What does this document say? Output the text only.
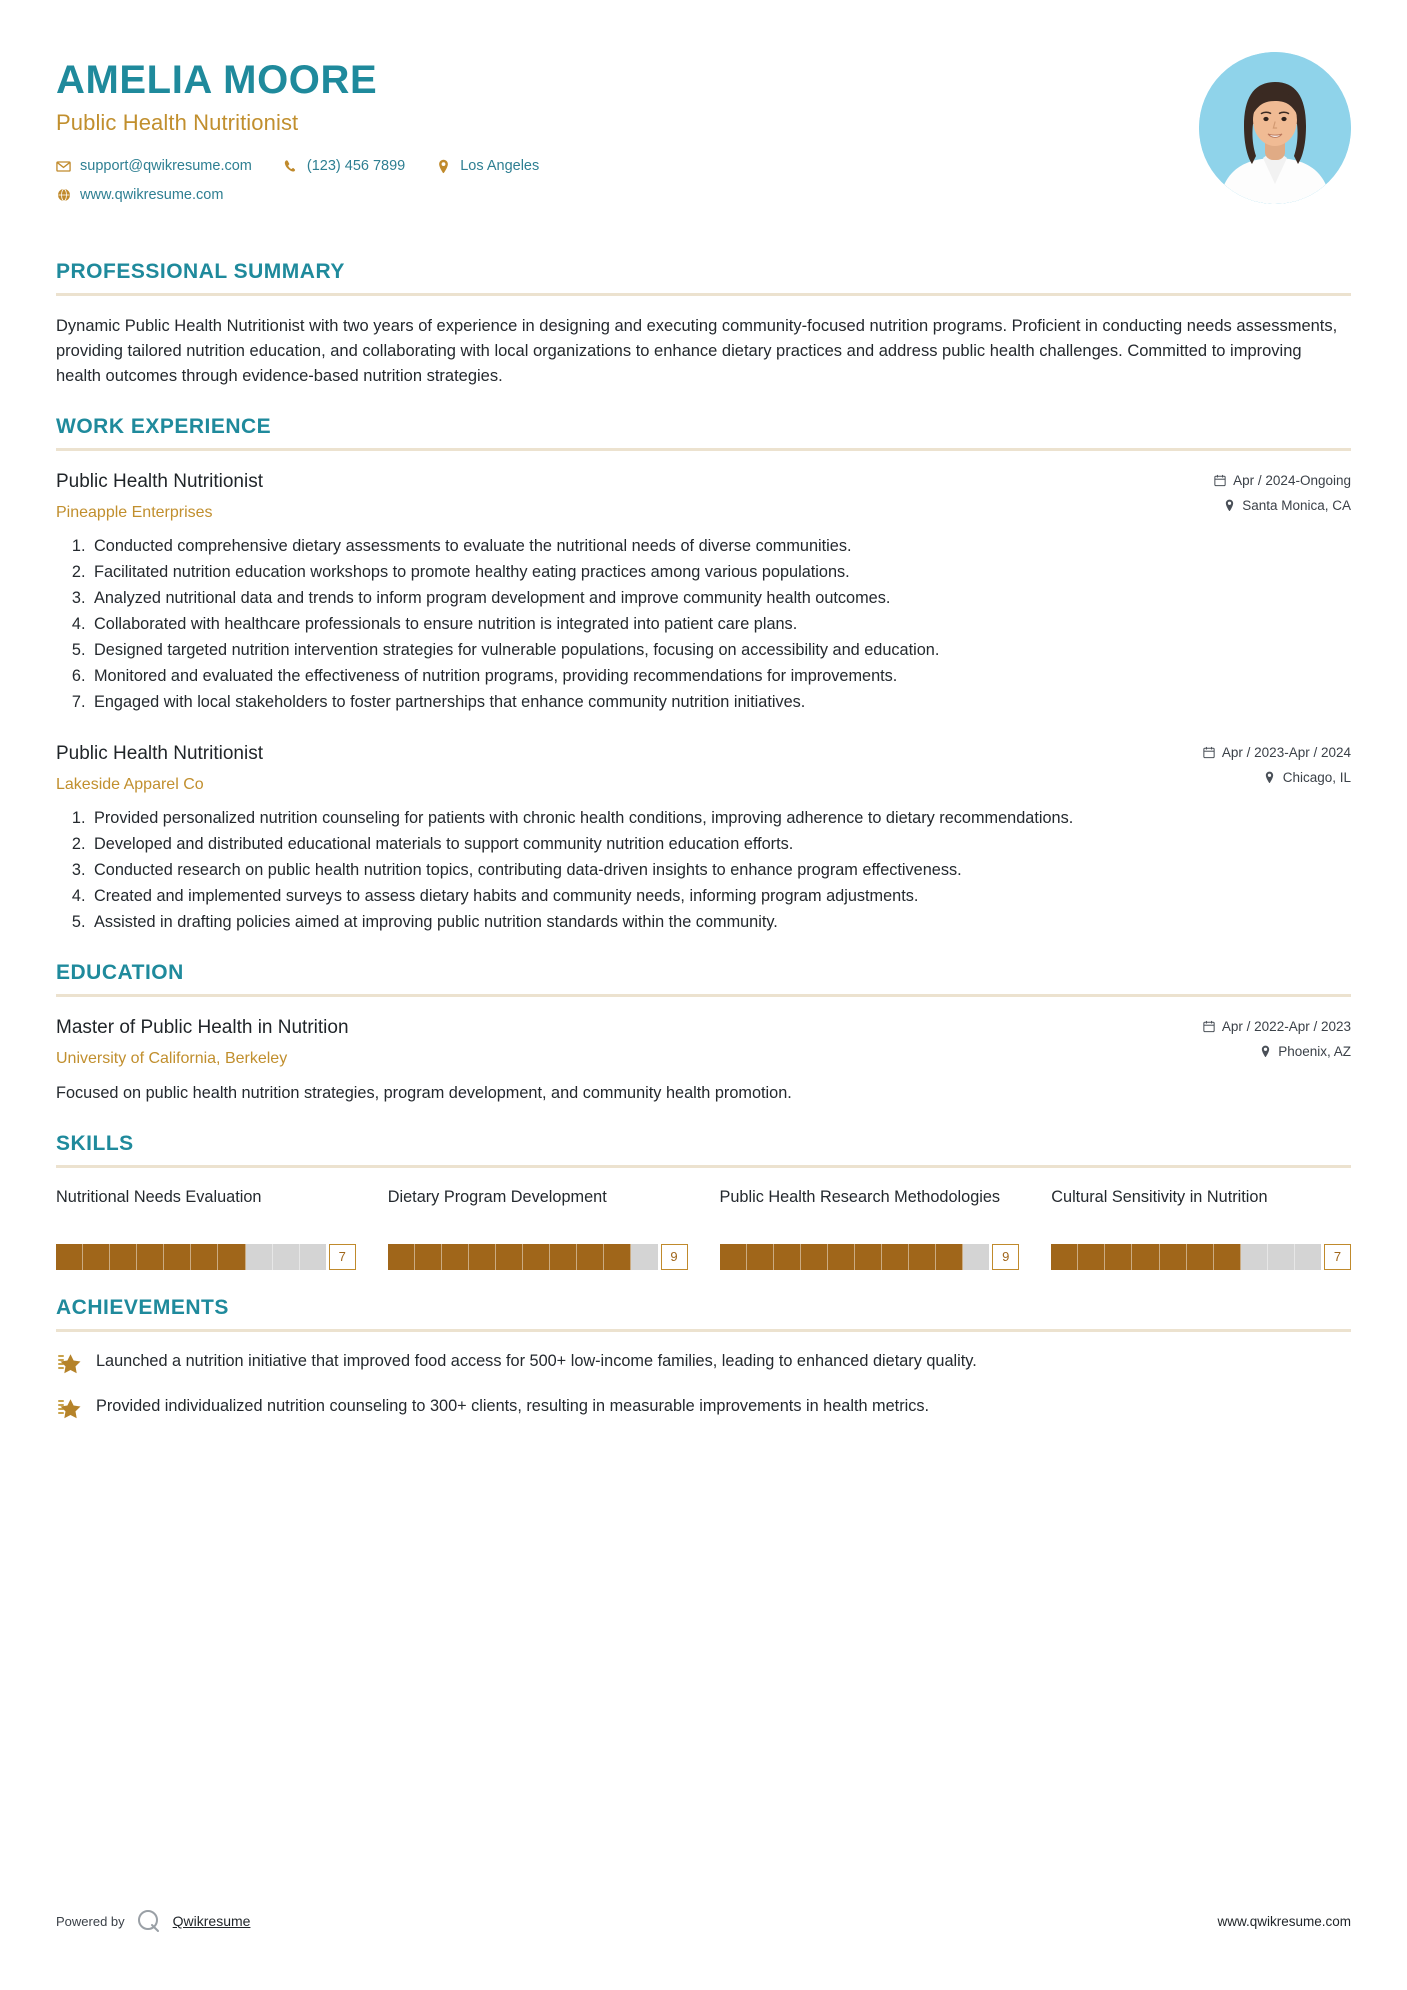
AMELIA MOORE
Public Health Nutritionist
support@qwikresume.com	(123) 456 7899	Los Angeles
www.qwikresume.com
PROFESSIONAL SUMMARY
Dynamic Public Health Nutritionist with two years of experience in designing and executing community-focused nutrition programs. Proficient in conducting needs assessments, providing tailored nutrition education, and collaborating with local organizations to enhance dietary practices and address public health challenges. Committed to improving health outcomes through evidence-based nutrition strategies.
WORK EXPERIENCE
Public Health Nutritionist
Pineapple Enterprises
Apr / 2024-Ongoing
Santa Monica, CA
1. Conducted comprehensive dietary assessments to evaluate the nutritional needs of diverse communities.
2. Facilitated nutrition education workshops to promote healthy eating practices among various populations.
3. Analyzed nutritional data and trends to inform program development and improve community health outcomes.
4. Collaborated with healthcare professionals to ensure nutrition is integrated into patient care plans.
5. Designed targeted nutrition intervention strategies for vulnerable populations, focusing on accessibility and education.
6. Monitored and evaluated the effectiveness of nutrition programs, providing recommendations for improvements.
7. Engaged with local stakeholders to foster partnerships that enhance community nutrition initiatives.
Public Health Nutritionist
Lakeside Apparel Co
Apr / 2023-Apr / 2024
Chicago, IL
1. Provided personalized nutrition counseling for patients with chronic health conditions, improving adherence to dietary recommendations.
2. Developed and distributed educational materials to support community nutrition education efforts.
3. Conducted research on public health nutrition topics, contributing data-driven insights to enhance program effectiveness.
4. Created and implemented surveys to assess dietary habits and community needs, informing program adjustments.
5. Assisted in drafting policies aimed at improving public nutrition standards within the community.
EDUCATION
Master of Public Health in Nutrition
University of California, Berkeley
Apr / 2022-Apr / 2023
Phoenix, AZ
Focused on public health nutrition strategies, program development, and community health promotion.
SKILLS
Nutritional Needs Evaluation
7
Dietary Program Development
9
Public Health Research Methodologies
9
Cultural Sensitivity in Nutrition
7
ACHIEVEMENTS
Launched a nutrition initiative that improved food access for 500+ low-income families, leading to enhanced dietary quality.
Provided individualized nutrition counseling to 300+ clients, resulting in measurable improvements in health metrics.
Powered by	Qwikresume	www.qwikresume.com
